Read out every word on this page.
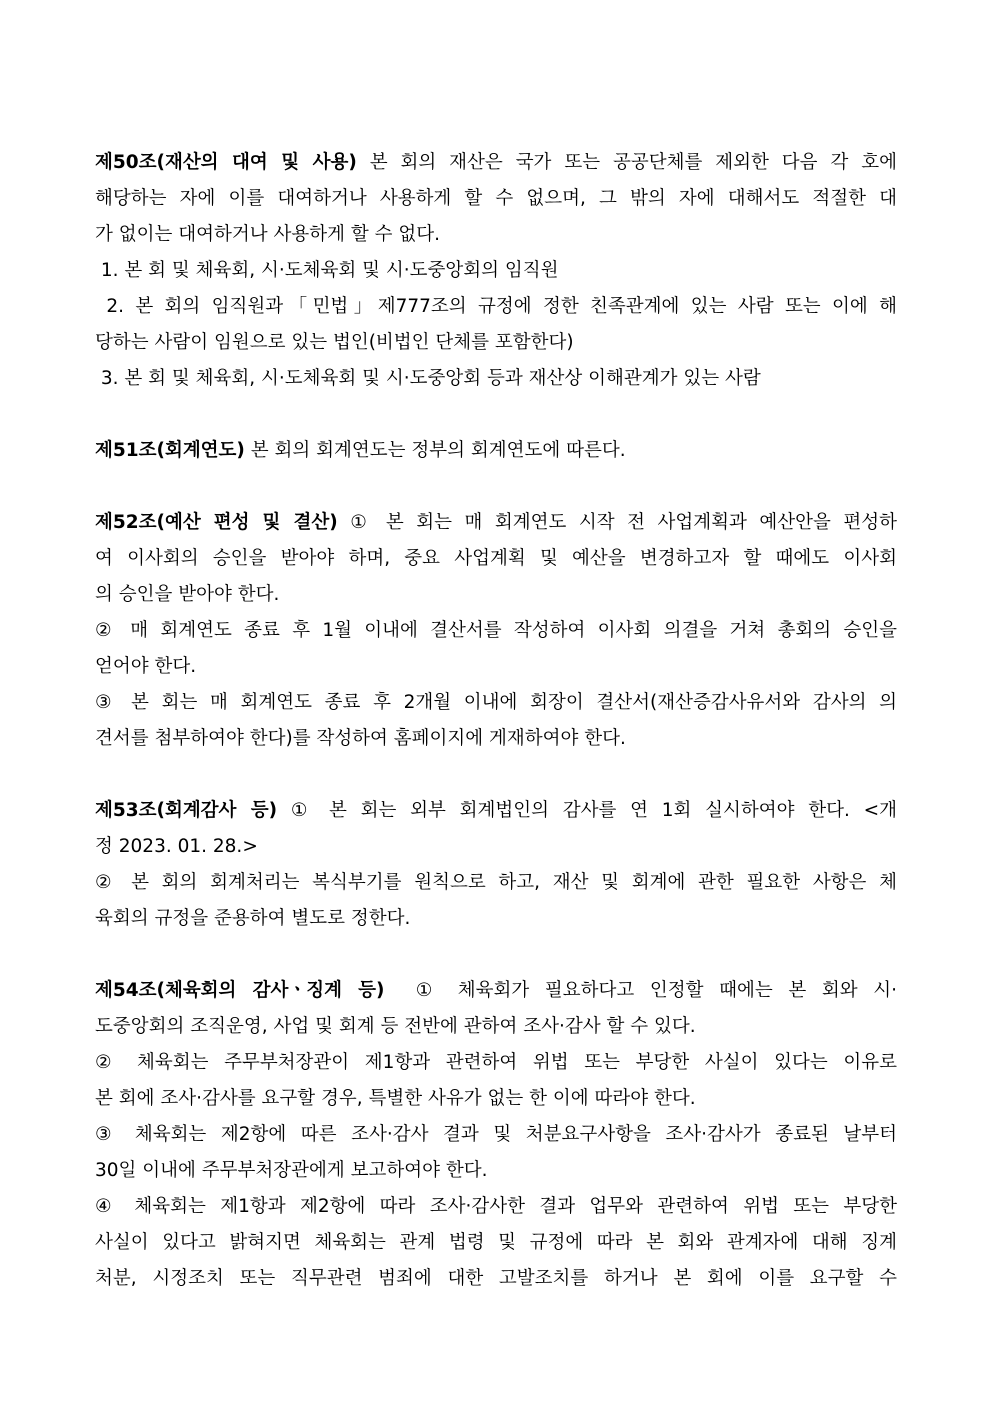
제50조(재산의 대여 및 사용) 본 회의 재산은 국가 또는 공공단체를 제외한 다음 각 호에
해당하는 자에 이를 대여하거나 사용하게 할 수 없으며, 그 밖의 자에 대해서도 적절한 대
가 없이는 대여하거나 사용하게 할 수 없다.
1. 본 회 및 체육회, 시·도체육회 및 시·도중앙회의 임직원
2. 본 회의 임직원과「민법」제777조의 규정에 정한 친족관계에 있는 사람 또는 이에 해
당하는 사람이 임원으로 있는 법인(비법인 단체를 포함한다)
3. 본 회 및 체육회, 시·도체육회 및 시·도중앙회 등과 재산상 이해관계가 있는 사람
제51조(회계연도) 본 회의 회계연도는 정부의 회계연도에 따른다.
제52조(예산 편성 및 결산) ① 본 회는 매 회계연도 시작 전 사업계획과 예산안을 편성하
여 이사회의 승인을 받아야 하며, 중요 사업계획 및 예산을 변경하고자 할 때에도 이사회
의 승인을 받아야 한다.
② 매 회계연도 종료 후 1월 이내에 결산서를 작성하여 이사회 의결을 거쳐 총회의 승인을
얻어야 한다.
③ 본 회는 매 회계연도 종료 후 2개월 이내에 회장이 결산서(재산증감사유서와 감사의 의
견서를 첨부하여야 한다)를 작성하여 홈페이지에 게재하여야 한다.
제53조(회계감사 등) ① 본 회는 외부 회계법인의 감사를 연 1회 실시하여야 한다. <개
정 2023. 01. 28.>
② 본 회의 회계처리는 복식부기를 원칙으로 하고, 재산 및 회계에 관한 필요한 사항은 체
육회의 규정을 준용하여 별도로 정한다.
제54조(체육회의 감사ㆍ징계 등) ① 체육회가 필요하다고 인정할 때에는 본 회와 시·
도중앙회의 조직운영, 사업 및 회계 등 전반에 관하여 조사·감사 할 수 있다.
② 체육회는 주무부처장관이 제1항과 관련하여 위법 또는 부당한 사실이 있다는 이유로
본 회에 조사·감사를 요구할 경우, 특별한 사유가 없는 한 이에 따라야 한다.
③ 체육회는 제2항에 따른 조사·감사 결과 및 처분요구사항을 조사·감사가 종료된 날부터
30일 이내에 주무부처장관에게 보고하여야 한다.
④ 체육회는 제1항과 제2항에 따라 조사·감사한 결과 업무와 관련하여 위법 또는 부당한
사실이 있다고 밝혀지면 체육회는 관계 법령 및 규정에 따라 본 회와 관계자에 대해 징계
처분, 시정조치 또는 직무관련 범죄에 대한 고발조치를 하거나 본 회에 이를 요구할 수
